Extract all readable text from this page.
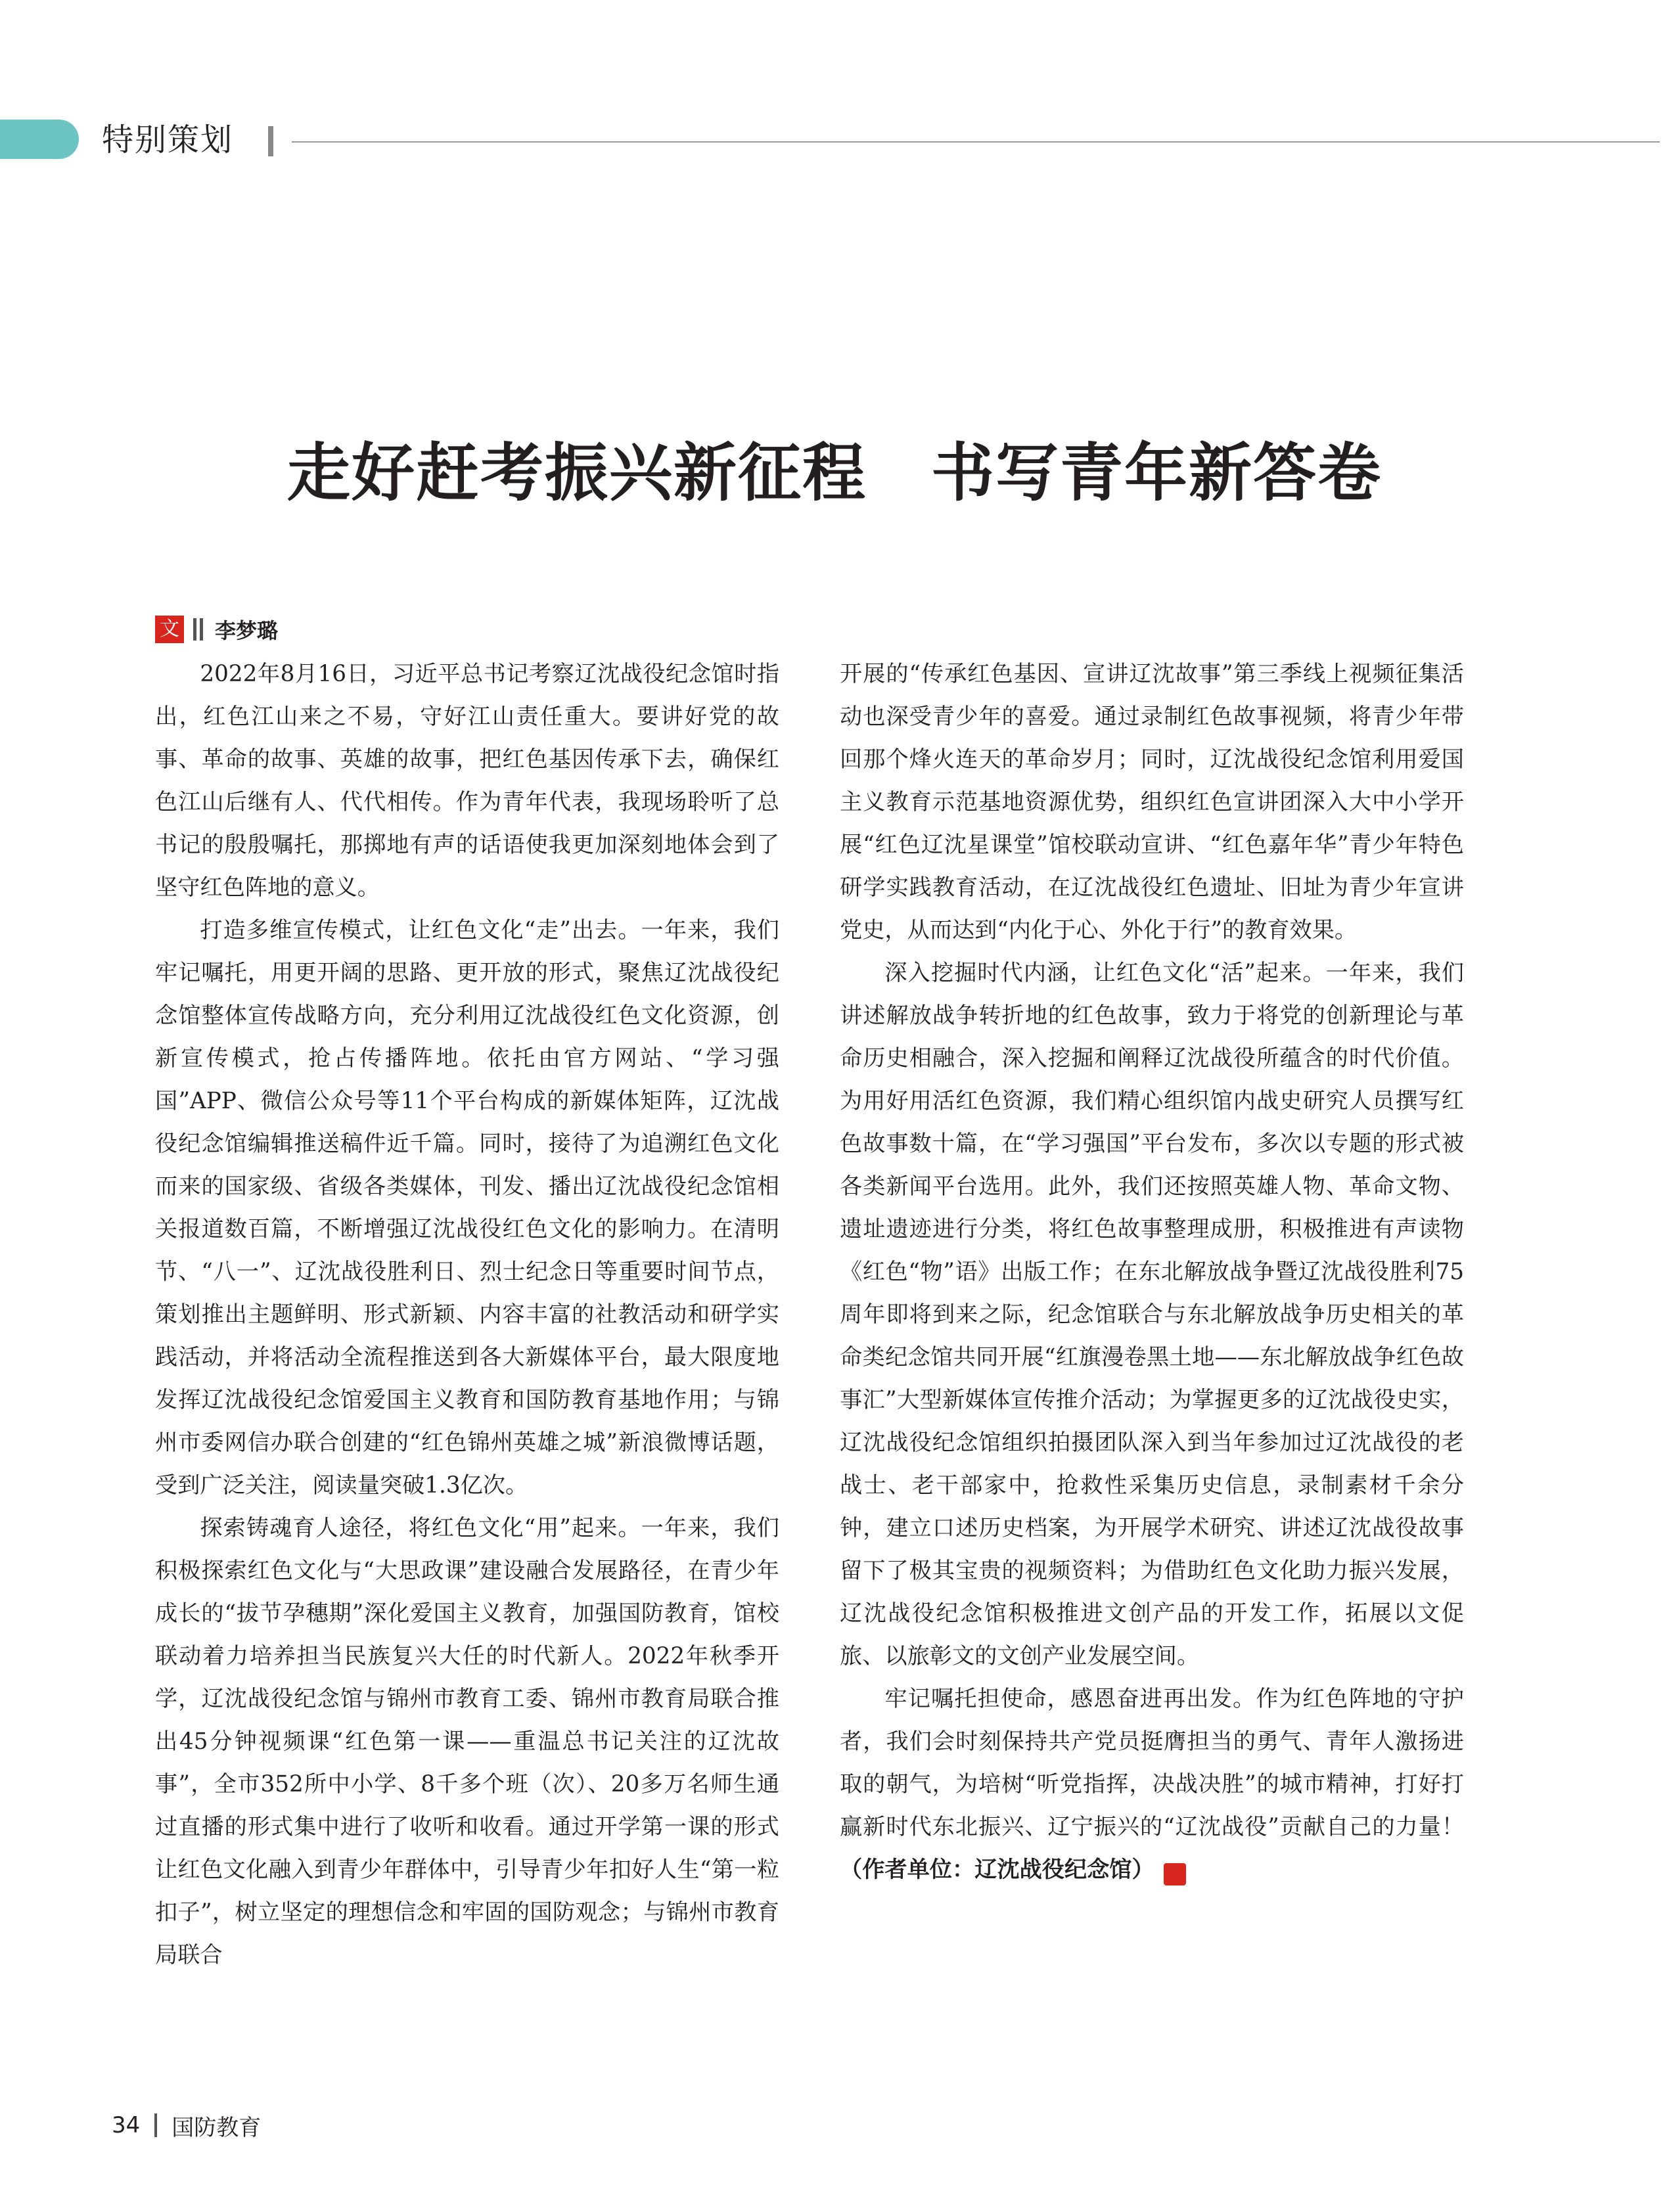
特别策划
走好赶考振兴新征程　书写青年新答卷
文 李梦璐

2022年8月16日，习近平总书记考察辽沈战役纪念馆时指出，红色江山来之不易，守好江山责任重大。要讲好党的故事、革命的故事、英雄的故事，把红色基因传承下去，确保红色江山后继有人、代代相传。作为青年代表，我现场聆听了总书记的殷殷嘱托，那掷地有声的话语使我更加深刻地体会到了坚守红色阵地的意义。

打造多维宣传模式，让红色文化“走”出去。一年来，我们牢记嘱托，用更开阔的思路、更开放的形式，聚焦辽沈战役纪念馆整体宣传战略方向，充分利用辽沈战役红色文化资源，创新宣传模式，抢占传播阵地。依托由官方网站、“学习强国”APP、微信公众号等11个平台构成的新媒体矩阵，辽沈战役纪念馆编辑推送稿件近千篇。同时，接待了为追溯红色文化而来的国家级、省级各类媒体，刊发、播出辽沈战役纪念馆相关报道数百篇，不断增强辽沈战役红色文化的影响力。在清明节、“八一”、辽沈战役胜利日、烈士纪念日等重要时间节点，策划推出主题鲜明、形式新颖、内容丰富的社教活动和研学实践活动，并将活动全流程推送到各大新媒体平台，最大限度地发挥辽沈战役纪念馆爱国主义教育和国防教育基地作用；与锦州市委网信办联合创建的“红色锦州英雄之城”新浪微博话题，受到广泛关注，阅读量突破1.3亿次。

探索铸魂育人途径，将红色文化“用”起来。一年来，我们积极探索红色文化与“大思政课”建设融合发展路径，在青少年成长的“拔节孕穗期”深化爱国主义教育，加强国防教育，馆校联动着力培养担当民族复兴大任的时代新人。2022年秋季开学，辽沈战役纪念馆与锦州市教育工委、锦州市教育局联合推出45分钟视频课“红色第一课——重温总书记关注的辽沈故事”，全市352所中小学、8千多个班（次）、20多万名师生通过直播的形式集中进行了收听和收看。通过开学第一课的形式让红色文化融入到青少年群体中，引导青少年扣好人生“第一粒扣子”，树立坚定的理想信念和牢固的国防观念；与锦州市教育局联合

开展的“传承红色基因、宣讲辽沈故事”第三季线上视频征集活动也深受青少年的喜爱。通过录制红色故事视频，将青少年带回那个烽火连天的革命岁月；同时，辽沈战役纪念馆利用爱国主义教育示范基地资源优势，组织红色宣讲团深入大中小学开展“红色辽沈星课堂”馆校联动宣讲、“红色嘉年华”青少年特色研学实践教育活动，在辽沈战役红色遗址、旧址为青少年宣讲党史，从而达到“内化于心、外化于行”的教育效果。

深入挖掘时代内涵，让红色文化“活”起来。一年来，我们讲述解放战争转折地的红色故事，致力于将党的创新理论与革命历史相融合，深入挖掘和阐释辽沈战役所蕴含的时代价值。为用好用活红色资源，我们精心组织馆内战史研究人员撰写红色故事数十篇，在“学习强国”平台发布，多次以专题的形式被各类新闻平台选用。此外，我们还按照英雄人物、革命文物、遗址遗迹进行分类，将红色故事整理成册，积极推进有声读物《红色“物”语》出版工作；在东北解放战争暨辽沈战役胜利75周年即将到来之际，纪念馆联合与东北解放战争历史相关的革命类纪念馆共同开展“红旗漫卷黑土地——东北解放战争红色故事汇”大型新媒体宣传推介活动；为掌握更多的辽沈战役史实，辽沈战役纪念馆组织拍摄团队深入到当年参加过辽沈战役的老战士、老干部家中，抢救性采集历史信息，录制素材千余分钟，建立口述历史档案，为开展学术研究、讲述辽沈战役故事留下了极其宝贵的视频资料；为借助红色文化助力振兴发展，辽沈战役纪念馆积极推进文创产品的开发工作，拓展以文促旅、以旅彰文的文创产业发展空间。

牢记嘱托担使命，感恩奋进再出发。作为红色阵地的守护者，我们会时刻保持共产党员挺膺担当的勇气、青年人激扬进取的朝气，为培树“听党指挥，决战决胜”的城市精神，打好打赢新时代东北振兴、辽宁振兴的“辽沈战役”贡献自己的力量！（作者单位：辽沈战役纪念馆）	G

34 国防教育
